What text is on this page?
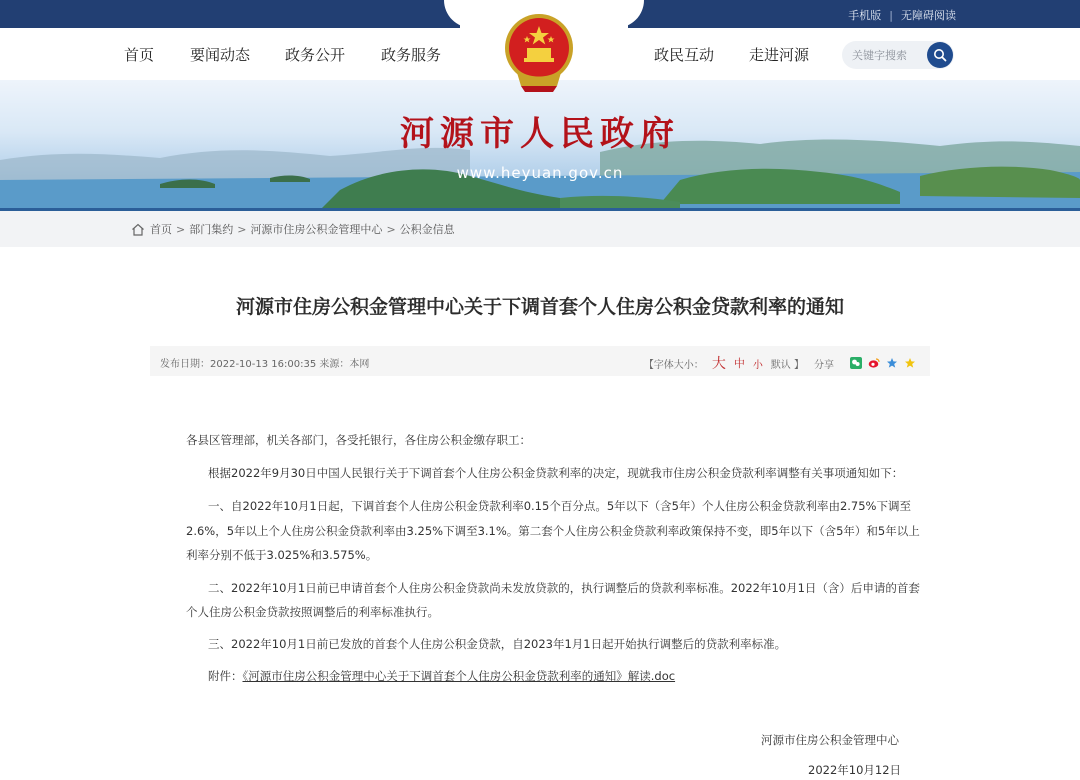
手机版 | 无障碍阅读
首页 要闻动态 政务公开 政务服务	政民互动 走进河源
关键字搜索
河源市人民政府
www.heyuan.gov.cn
首页 > 部门集约 > 河源市住房公积金管理中心 > 公积金信息
河源市住房公积金管理中心关于下调首套个人住房公积金贷款利率的通知
发布日期：2022-10-13 16:00:35 来源：本网	【字体大小： 大 中 小 默认 】 分享
各县区管理部，机关各部门，各受托银行，各住房公积金缴存职工：
根据2022年9月30日中国人民银行关于下调首套个人住房公积金贷款利率的决定，现就我市住房公积金贷款利率调整有关事项通知如下：
一、自2022年10月1日起，下调首套个人住房公积金贷款利率0.15个百分点。5年以下（含5年）个人住房公积金贷款利率由2.75%下调至
2.6%，5年以上个人住房公积金贷款利率由3.25%下调至3.1%。第二套个人住房公积金贷款利率政策保持不变，即5年以下（含5年）和5年以上
利率分别不低于3.025%和3.575%。
二、2022年10月1日前已申请首套个人住房公积金贷款尚未发放贷款的，执行调整后的贷款利率标准。2022年10月1日（含）后申请的首套
个人住房公积金贷款按照调整后的利率标准执行。
三、2022年10月1日前已发放的首套个人住房公积金贷款，自2023年1月1日起开始执行调整后的贷款利率标准。
附件：《河源市住房公积金管理中心关于下调首套个人住房公积金贷款利率的通知》解读.doc
河源市住房公积金管理中心
2022年10月12日
